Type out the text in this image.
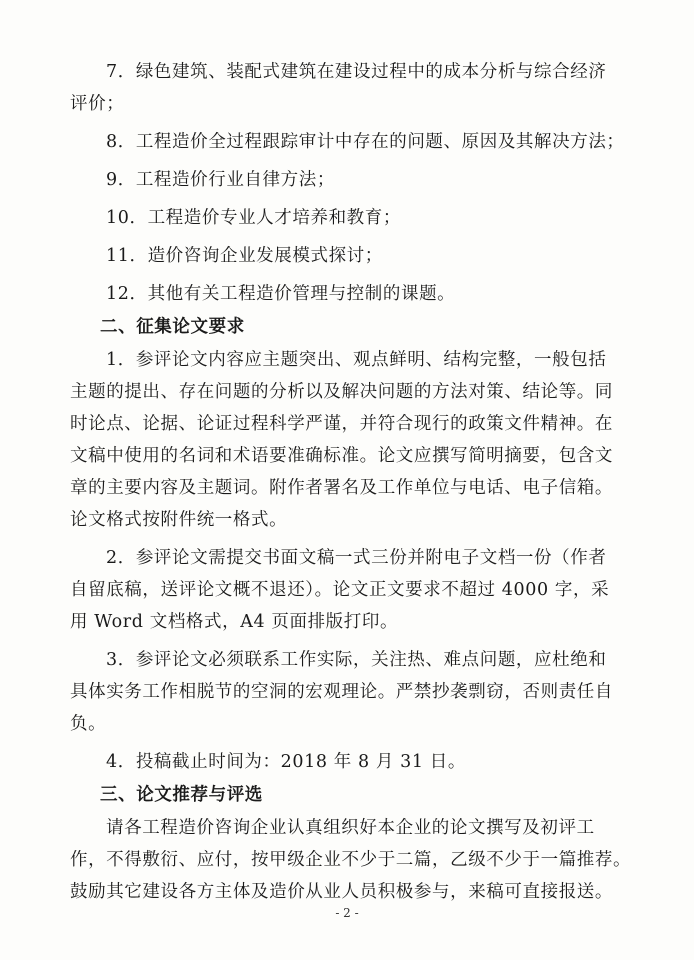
7．绿色建筑、装配式建筑在建设过程中的成本分析与综合经济
评价；
8．工程造价全过程跟踪审计中存在的问题、原因及其解决方法；
9．工程造价行业自律方法；
10．工程造价专业人才培养和教育；
11．造价咨询企业发展模式探讨；
12．其他有关工程造价管理与控制的课题。
二、征集论文要求
1．参评论文内容应主题突出、观点鲜明、结构完整，一般包括
主题的提出、存在问题的分析以及解决问题的方法对策、结论等。同
时论点、论据、论证过程科学严谨，并符合现行的政策文件精神。在
文稿中使用的名词和术语要准确标准。论文应撰写简明摘要，包含文
章的主要内容及主题词。附作者署名及工作单位与电话、电子信箱。
论文格式按附件统一格式。
2．参评论文需提交书面文稿一式三份并附电子文档一份（作者
自留底稿，送评论文概不退还）。论文正文要求不超过 4000 字，采
用 Word 文档格式，A4 页面排版打印。
3．参评论文必须联系工作实际，关注热、难点问题，应杜绝和
具体实务工作相脱节的空洞的宏观理论。严禁抄袭剽窃，否则责任自
负。
4．投稿截止时间为：2018 年 8 月 31 日。
三、论文推荐与评选
请各工程造价咨询企业认真组织好本企业的论文撰写及初评工
作，不得敷衍、应付，按甲级企业不少于二篇，乙级不少于一篇推荐。
鼓励其它建设各方主体及造价从业人员积极参与，来稿可直接报送。
- 2 -
